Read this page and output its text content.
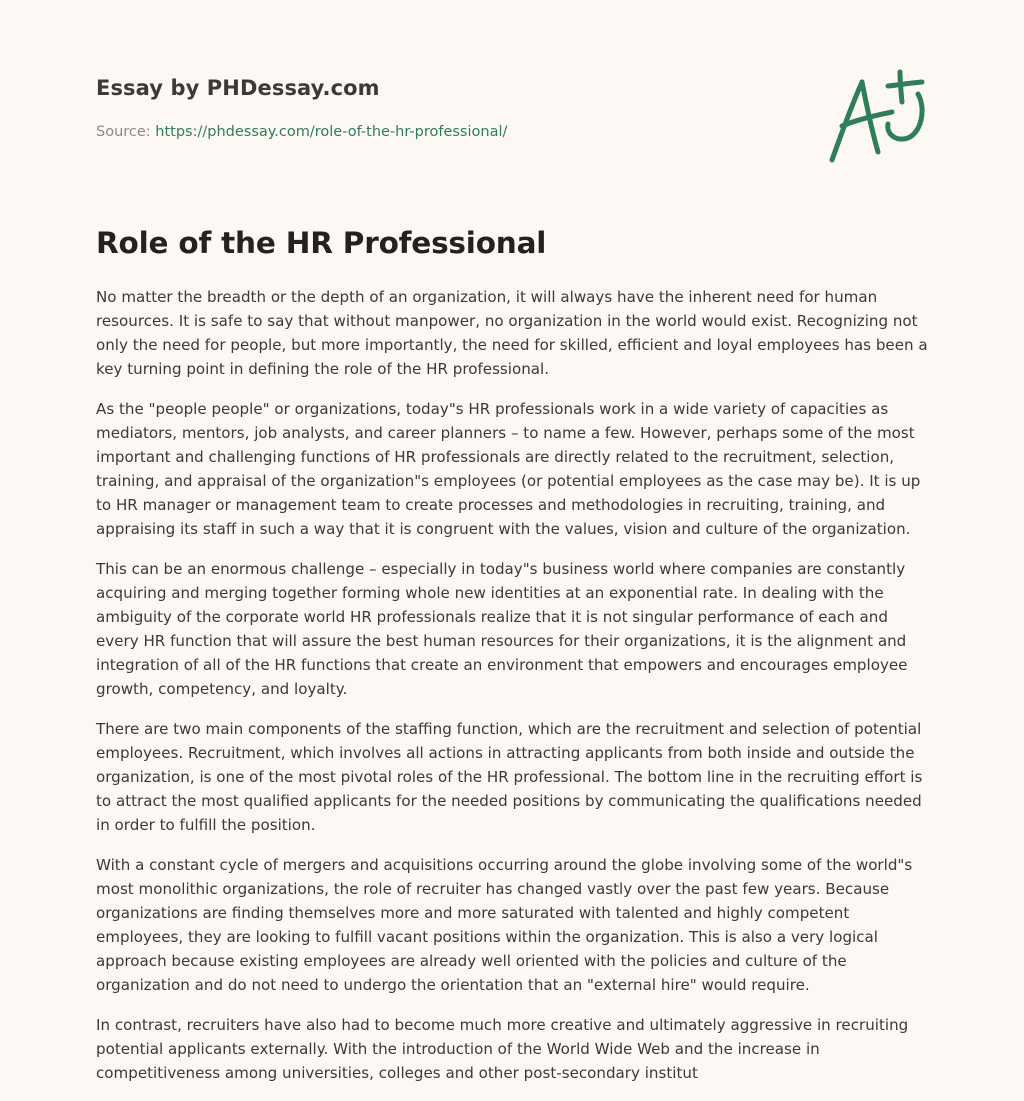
Essay by PHDessay.com
Source: https://phdessay.com/role-of-the-hr-professional/
Role of the HR Professional

No matter the breadth or the depth of an organization, it will always have the inherent need for human resources. It is safe to say that without manpower, no organization in the world would exist. Recognizing not only the need for people, but more importantly, the need for skilled, efficient and loyal employees has been a key turning point in defining the role of the HR professional.

As the "people people" or organizations, today"s HR professionals work in a wide variety of capacities as mediators, mentors, job analysts, and career planners – to name a few. However, perhaps some of the most important and challenging functions of HR professionals are directly related to the recruitment, selection, training, and appraisal of the organization"s employees (or potential employees as the case may be). It is up to HR manager or management team to create processes and methodologies in recruiting, training, and appraising its staff in such a way that it is congruent with the values, vision and culture of the organization.

This can be an enormous challenge – especially in today"s business world where companies are constantly acquiring and merging together forming whole new identities at an exponential rate. In dealing with the ambiguity of the corporate world HR professionals realize that it is not singular performance of each and every HR function that will assure the best human resources for their organizations, it is the alignment and integration of all of the HR functions that create an environment that empowers and encourages employee growth, competency, and loyalty.

There are two main components of the staffing function, which are the recruitment and selection of potential employees. Recruitment, which involves all actions in attracting applicants from both inside and outside the organization, is one of the most pivotal roles of the HR professional. The bottom line in the recruiting effort is to attract the most qualified applicants for the needed positions by communicating the qualifications needed in order to fulfill the position.

With a constant cycle of mergers and acquisitions occurring around the globe involving some of the world"s most monolithic organizations, the role of recruiter has changed vastly over the past few years. Because organizations are finding themselves more and more saturated with talented and highly competent employees, they are looking to fulfill vacant positions within the organization. This is also a very logical approach because existing employees are already well oriented with the policies and culture of the organization and do not need to undergo the orientation that an "external hire" would require.

In contrast, recruiters have also had to become much more creative and ultimately aggressive in recruiting potential applicants externally. With the introduction of the World Wide Web and the increase in competitiveness among universities, colleges and other post-secondary institut
